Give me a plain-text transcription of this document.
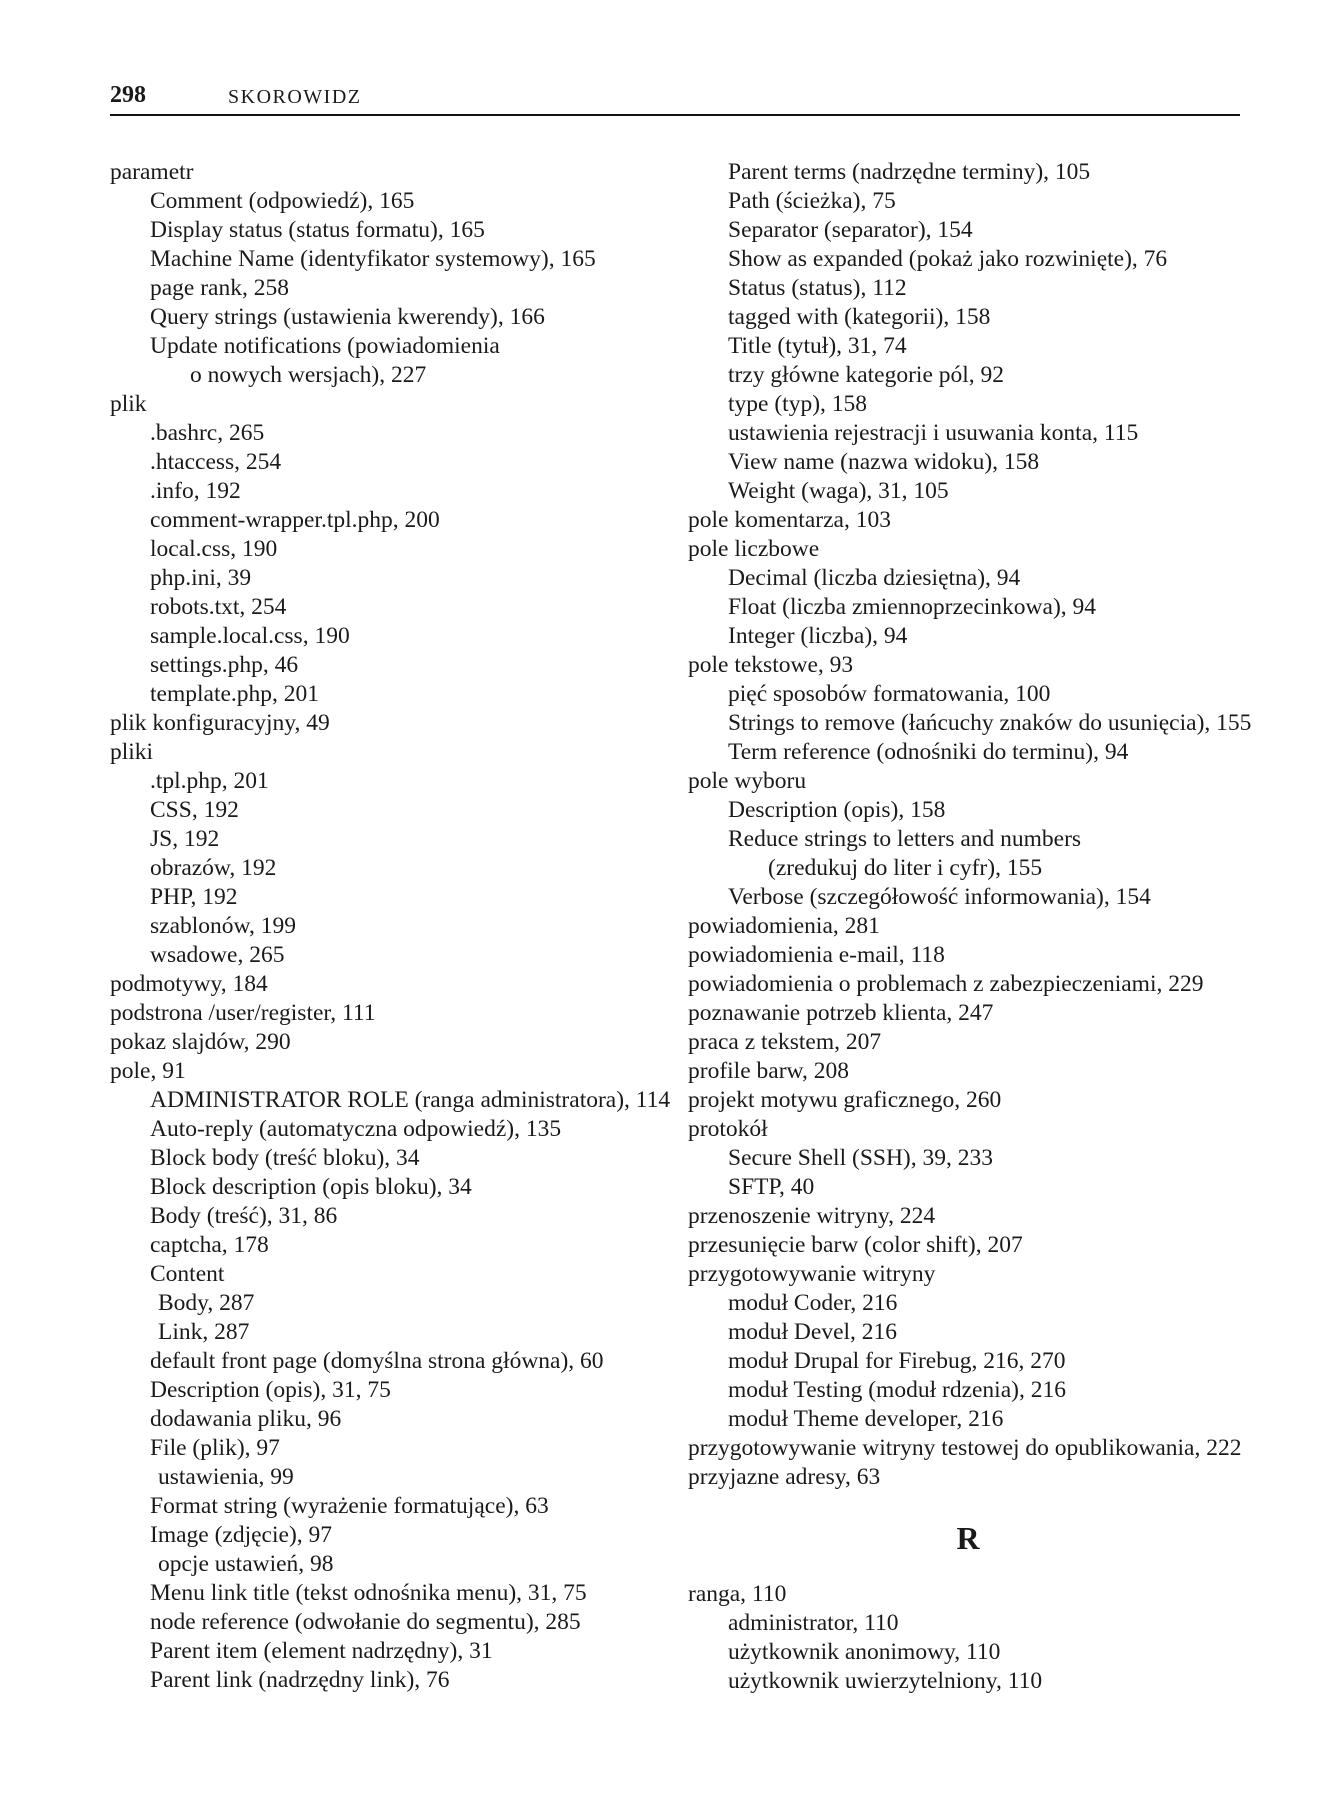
298	SKOROWIDZ
parametr
Comment (odpowiedź), 165
Display status (status formatu), 165
Machine Name (identyfikator systemowy), 165
page rank, 258
Query strings (ustawienia kwerendy), 166
Update notifications (powiadomienia
o nowych wersjach), 227
plik
.bashrc, 265
.htaccess, 254
.info, 192
comment-wrapper.tpl.php, 200
local.css, 190
php.ini, 39
robots.txt, 254
sample.local.css, 190
settings.php, 46
template.php, 201
plik konfiguracyjny, 49
pliki
.tpl.php, 201
CSS, 192
JS, 192
obrazów, 192
PHP, 192
szablonów, 199
wsadowe, 265
podmotywy, 184
podstrona /user/register, 111
pokaz slajdów, 290
pole, 91
ADMINISTRATOR ROLE (ranga administratora), 114
Auto-reply (automatyczna odpowiedź), 135
Block body (treść bloku), 34
Block description (opis bloku), 34
Body (treść), 31, 86
captcha, 178
Content
Body, 287
Link, 287
default front page (domyślna strona główna), 60
Description (opis), 31, 75
dodawania pliku, 96
File (plik), 97
ustawienia, 99
Format string (wyrażenie formatujące), 63
Image (zdjęcie), 97
opcje ustawień, 98
Menu link title (tekst odnośnika menu), 31, 75
node reference (odwołanie do segmentu), 285
Parent item (element nadrzędny), 31
Parent link (nadrzędny link), 76
Parent terms (nadrzędne terminy), 105
Path (ścieżka), 75
Separator (separator), 154
Show as expanded (pokaż jako rozwinięte), 76
Status (status), 112
tagged with (kategorii), 158
Title (tytuł), 31, 74
trzy główne kategorie pól, 92
type (typ), 158
ustawienia rejestracji i usuwania konta, 115
View name (nazwa widoku), 158
Weight (waga), 31, 105
pole komentarza, 103
pole liczbowe
Decimal (liczba dziesiętna), 94
Float (liczba zmiennoprzecinkowa), 94
Integer (liczba), 94
pole tekstowe, 93
pięć sposobów formatowania, 100
Strings to remove (łańcuchy znaków do usunięcia), 155
Term reference (odnośniki do terminu), 94
pole wyboru
Description (opis), 158
Reduce strings to letters and numbers
(zredukuj do liter i cyfr), 155
Verbose (szczegółowość informowania), 154
powiadomienia, 281
powiadomienia e-mail, 118
powiadomienia o problemach z zabezpieczeniami, 229
poznawanie potrzeb klienta, 247
praca z tekstem, 207
profile barw, 208
projekt motywu graficznego, 260
protokół
Secure Shell (SSH), 39, 233
SFTP, 40
przenoszenie witryny, 224
przesunięcie barw (color shift), 207
przygotowywanie witryny
moduł Coder, 216
moduł Devel, 216
moduł Drupal for Firebug, 216, 270
moduł Testing (moduł rdzenia), 216
moduł Theme developer, 216
przygotowywanie witryny testowej do opublikowania, 222
przyjazne adresy, 63
R
ranga, 110
administrator, 110
użytkownik anonimowy, 110
użytkownik uwierzytelniony, 110
